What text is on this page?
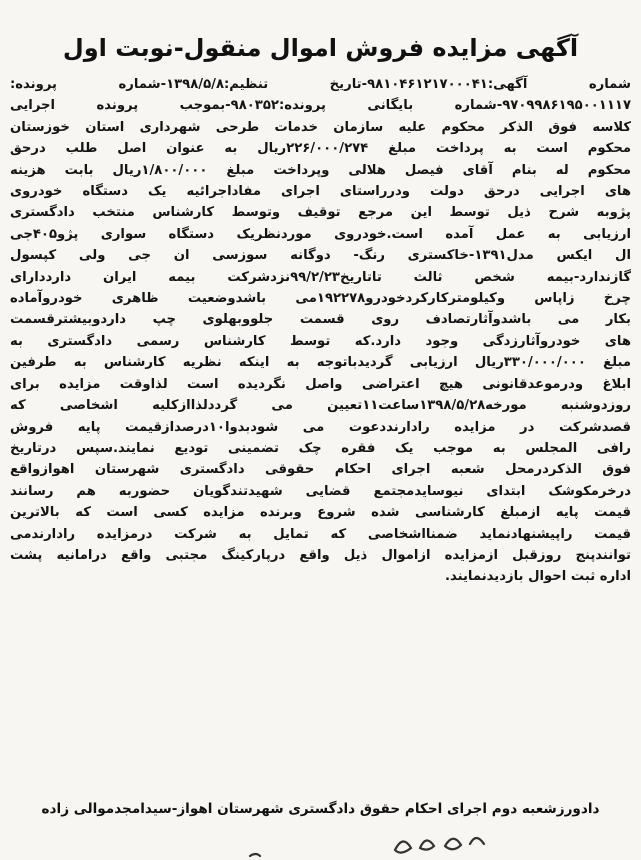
آگهی مزایده فروش اموال منقول-نوبت اول
شماره آگهی:۹۸۱۰۴۶۱۲۱۷۰۰۰۴۱-تاریخ تنظیم:۱۳۹۸/۵/۸-شماره پرونده:
۹۷۰۹۹۸۶۱۹۵۰۰۱۱۱۷-شماره بایگانی پرونده:۹۸۰۳۵۲-بموجب پرونده اجرایی
کلاسه فوق الذکر محکوم علیه سازمان خدمات طرحی شهرداری استان خوزستان
محکوم است به پرداخت مبلغ ۲۲۶/۰۰۰/۲۷۴ریال به عنوان اصل طلب درحق
محکوم له بنام آقای فیصل هلالی وپرداخت مبلغ ۱/۸۰۰/۰۰۰ریال بابت هزینه
های اجرایی درحق دولت ودرراستای اجرای مفاداجرائیه یک دستگاه خودروی
پژوبه شرح ذیل توسط این مرجع توقیف وتوسط کارشناس منتخب دادگستری
ارزیابی به عمل آمده است.خودروی موردنظریک دستگاه سواری پژو۴۰۵جی
ال ایکس مدل۱۳۹۱-خاکستری رنگ- دوگانه سوزسی ان جی ولی کپسول
گازندارد-بیمه شخص ثالث تاتاریخ۹۹/۲/۲۳نزدشرکت بیمه ایران دارددارای
چرخ زاپاس وکیلومترکارکردخودرو۱۹۲۲۷۸می باشدوضعیت ظاهری خودروآماده
بکار می باشدوآثارتصادف روی قسمت جلووبهلوی چپ داردوبیشترقسمت
های خودروآثارزدگی وجود دارد.که توسط کارشناس رسمی دادگستری به
مبلغ ۳۳۰/۰۰۰/۰۰۰ریال ارزیابی گردیدباتوجه به اینکه نظریه کارشناس به طرفین
ابلاغ ودرموعدقانونی هیچ اعتراضی واصل نگردیده است لذاوقت مزایده برای
روزدوشنبه مورخه۱۳۹۸/۵/۲۸ساعت۱۱تعیین می گرددلذاازکلیه اشخاصی که
قصدشرکت در مزایده رادارنددعوت می شودبدوا۱۰درصدازقیمت پایه فروش
رافی المجلس به موجب یک فقره چک تضمینی تودیع نمایند.سپس درتاریخ
فوق الذکردرمحل شعبه اجرای احکام حقوقی دادگستری شهرستان اهوازواقع
درخرمکوشک ابتدای نیوسایدمجتمع قضایی شهیدتندگویان حضوربه هم رسانند
قیمت پایه ازمبلغ کارشناسی شده شروع وبرنده مزایده کسی است که بالاترین
قیمت راپیشنهادنماید ضمنااشخاصی که تمایل به شرکت درمزایده رادارندمی
توانندپنج روزقبل ازمزایده ازاموال ذیل واقع درپارکینگ مجتبی واقع درامانیه پشت
اداره ثبت احوال بازدیدنمایند.
دادورزشعبه دوم اجرای احکام حقوق دادگستری شهرستان اهواز-سیدامجدموالی زاده
